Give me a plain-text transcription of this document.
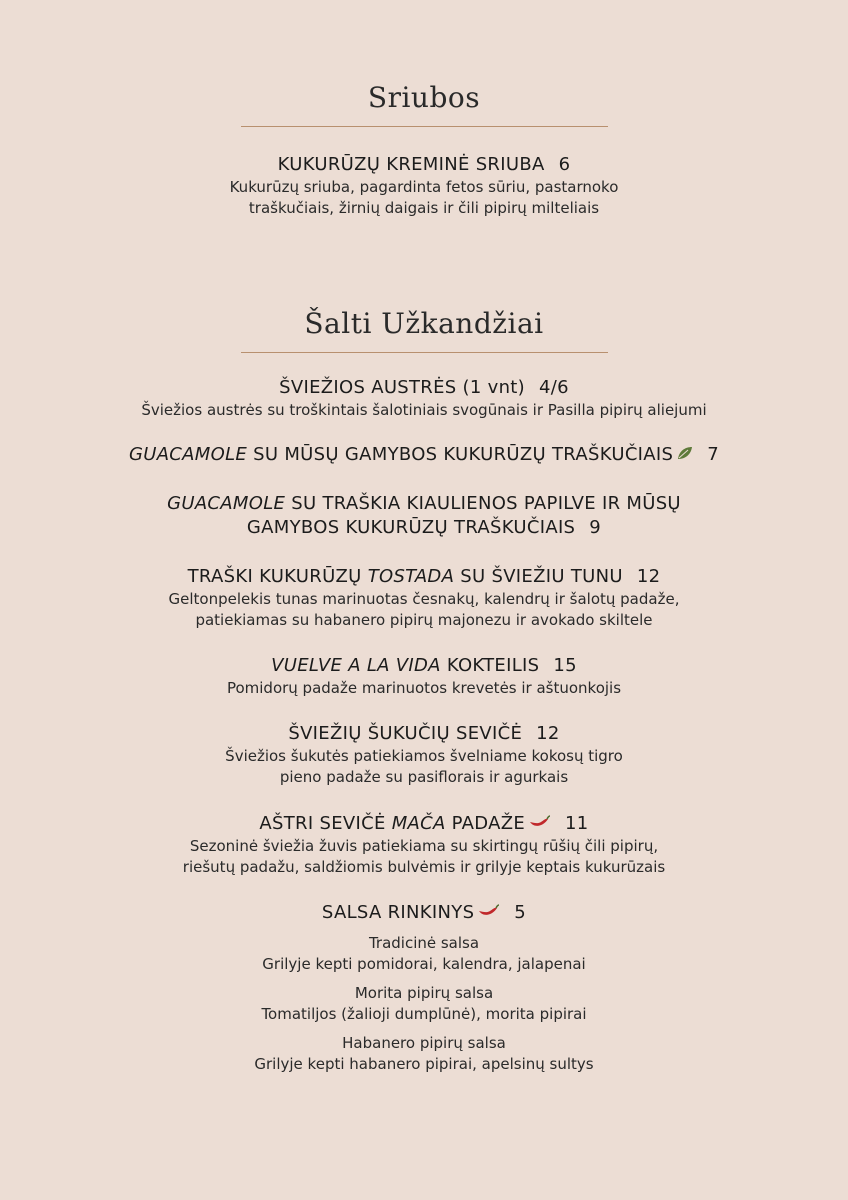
Sriubos
KUKURŪZŲ KREMINĖ SRIUBA 6
Kukurūzų sriuba, pagardinta fetos sūriu, pastarnoko
traškučiais, žirnių daigais ir čili pipirų milteliais
Šalti Užkandžiai
ŠVIEŽIOS AUSTRĖS (1 vnt) 4/6
Šviežios austrės su troškintais šalotiniais svogūnais ir Pasilla pipirų aliejumi
GUACAMOLE SU MŪSŲ GAMYBOS KUKURŪZŲ TRAŠKUČIAIS 7
GUACAMOLE SU TRAŠKIA KIAULIENOS PAPILVE IR MŪSŲ
GAMYBOS KUKURŪZŲ TRAŠKUČIAIS 9
TRAŠKI KUKURŪZŲ TOSTADA SU ŠVIEŽIU TUNU 12
Geltonpelekis tunas marinuotas česnakų, kalendrų ir šalotų padaže,
patiekiamas su habanero pipirų majonezu ir avokado skiltele
VUELVE A LA VIDA KOKTEILIS 15
Pomidorų padaže marinuotos krevetės ir aštuonkojis
ŠVIEŽIŲ ŠUKUČIŲ SEVIČĖ 12
Šviežios šukutės patiekiamos švelniame kokosų tigro
pieno padaže su pasiflorais ir agurkais
AŠTRI SEVIČĖ MAČA PADAŽE 11
Sezoninė šviežia žuvis patiekiama su skirtingų rūšių čili pipirų,
riešutų padažu, saldžiomis bulvėmis ir grilyje keptais kukurūzais
SALSA RINKINYS 5
Tradicinė salsa
Grilyje kepti pomidorai, kalendra, jalapenai
Morita pipirų salsa
Tomatiljos (žalioji dumplūnė), morita pipirai
Habanero pipirų salsa
Grilyje kepti habanero pipirai, apelsinų sultys
